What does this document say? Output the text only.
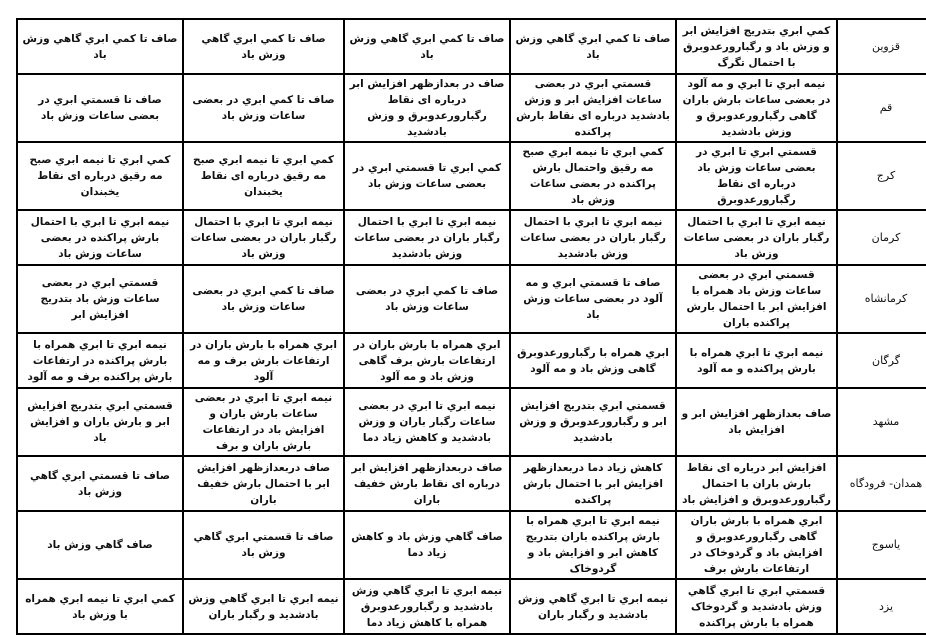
قزوين	كمي ابري بتدريج افزايش ابر و وزش باد و رگبارورعدوبرق با احتمال تگرگ	صاف تا كمي ابري گاهي وزش باد	صاف تا كمي ابري گاهي وزش باد	صاف تا كمي ابري گاهي وزش باد	صاف تا كمي ابري گاهي وزش باد
قم	نيمه ابري تا ابري و مه آلود در بعضی ساعات بارش باران گاهی رگبارورعدوبرق و وزش بادشديد	قسمتي ابري در بعضی ساعات افزايش ابر و وزش بادشديد درباره ای نقاط بارش پراكنده	صاف در بعدازظهر افزايش ابر درباره ای نقاط رگبارورعدوبرق و وزش بادشديد	صاف تا كمي ابري در بعضی ساعات وزش باد	صاف تا قسمتي ابري در بعضی ساعات وزش باد
كرج	قسمتي ابري تا ابري در بعضی ساعات وزش باد درباره ای نقاط رگبارورعدوبرق	كمي ابري تا نيمه ابري صبح مه رقيق واحتمال بارش پراكنده در بعضی ساعات وزش باد	كمي ابري تا قسمتي ابري در بعضی ساعات وزش باد	كمي ابري تا نيمه ابري صبح مه رقيق درباره ای نقاط يخبندان	كمي ابري تا نيمه ابري صبح مه رقيق درباره ای نقاط يخبندان
كرمان	نيمه ابري تا ابري با احتمال رگبار باران در بعضی ساعات وزش باد	نيمه ابري تا ابري با احتمال رگبار باران در بعضی ساعات وزش بادشديد	نيمه ابري تا ابري با احتمال رگبار باران در بعضی ساعات وزش بادشديد	نيمه ابري تا ابري با احتمال رگبار باران در بعضی ساعات وزش باد	نيمه ابري تا ابري با احتمال بارش پراكنده در بعضی ساعات وزش باد
كرمانشاه	قسمتي ابري در بعضی ساعات وزش باد همراه با افزايش ابر با احتمال بارش پراكنده باران	صاف تا قسمتي ابري و مه آلود در بعضی ساعات وزش باد	صاف تا كمي ابري در بعضی ساعات وزش باد	صاف تا كمي ابري در بعضی ساعات وزش باد	قسمتي ابري در بعضی ساعات وزش باد بتدريج افزايش ابر
گرگان	نيمه ابري تا ابري همراه با بارش پراكنده و مه آلود	ابري همراه با رگبارورعدوبرق گاهی وزش باد و مه آلود	ابري همراه با بارش باران در ارتفاعات بارش برف گاهی وزش باد و مه آلود	ابري همراه با بارش باران در ارتفاعات بارش برف و مه آلود	نيمه ابري تا ابري همراه با بارش پراكنده در ارتفاعات بارش پراكنده برف و مه آلود
مشهد	صاف بعدازظهر افزايش ابر و افزايش باد	قسمتي ابري بتدريج افزايش ابر و رگبارورعدوبرق و وزش بادشديد	نيمه ابري تا ابري در بعضی ساعات رگبار باران و وزش بادشديد و كاهش زياد دما	نيمه ابري تا ابري در بعضی ساعات بارش باران و افزايش باد در ارتفاعات بارش باران و برف	قسمتي ابري بتدريج افزايش ابر و بارش باران و افزايش باد
همدان- فرودگاه	افزايش ابر درباره ای نقاط بارش باران با احتمال رگبارورعدوبرق و افزايش باد	كاهش زياد دما دربعدازظهر افزايش ابر با احتمال بارش پراكنده	صاف دربعدازظهر افزايش ابر درباره ای نقاط بارش خفيف باران	صاف دربعدازظهر افزايش ابر با احتمال بارش خفيف باران	صاف تا قسمتي ابري گاهي وزش باد
ياسوج	ابري همراه با بارش باران گاهی رگبارورعدوبرق و افزايش باد و گردوخاک در ارتفاعات بارش برف	نيمه ابري تا ابري همراه با بارش پراكنده باران بتدريج كاهش ابر و افزايش باد و گردوخاک	صاف گاهي وزش باد و كاهش زياد دما	صاف تا قسمتي ابري گاهي وزش باد	صاف گاهي وزش باد
يزد	قسمتي ابري تا ابري گاهي وزش بادشديد و گردوخاک همراه با بارش پراكنده	نيمه ابري تا ابري گاهي وزش بادشديد و رگبار باران	نيمه ابري تا ابري گاهي وزش بادشديد و رگبارورعدوبرق همراه با كاهش زياد دما	نيمه ابري تا ابري گاهي وزش بادشديد و رگبار باران	كمي ابري تا نيمه ابري همراه با وزش باد
